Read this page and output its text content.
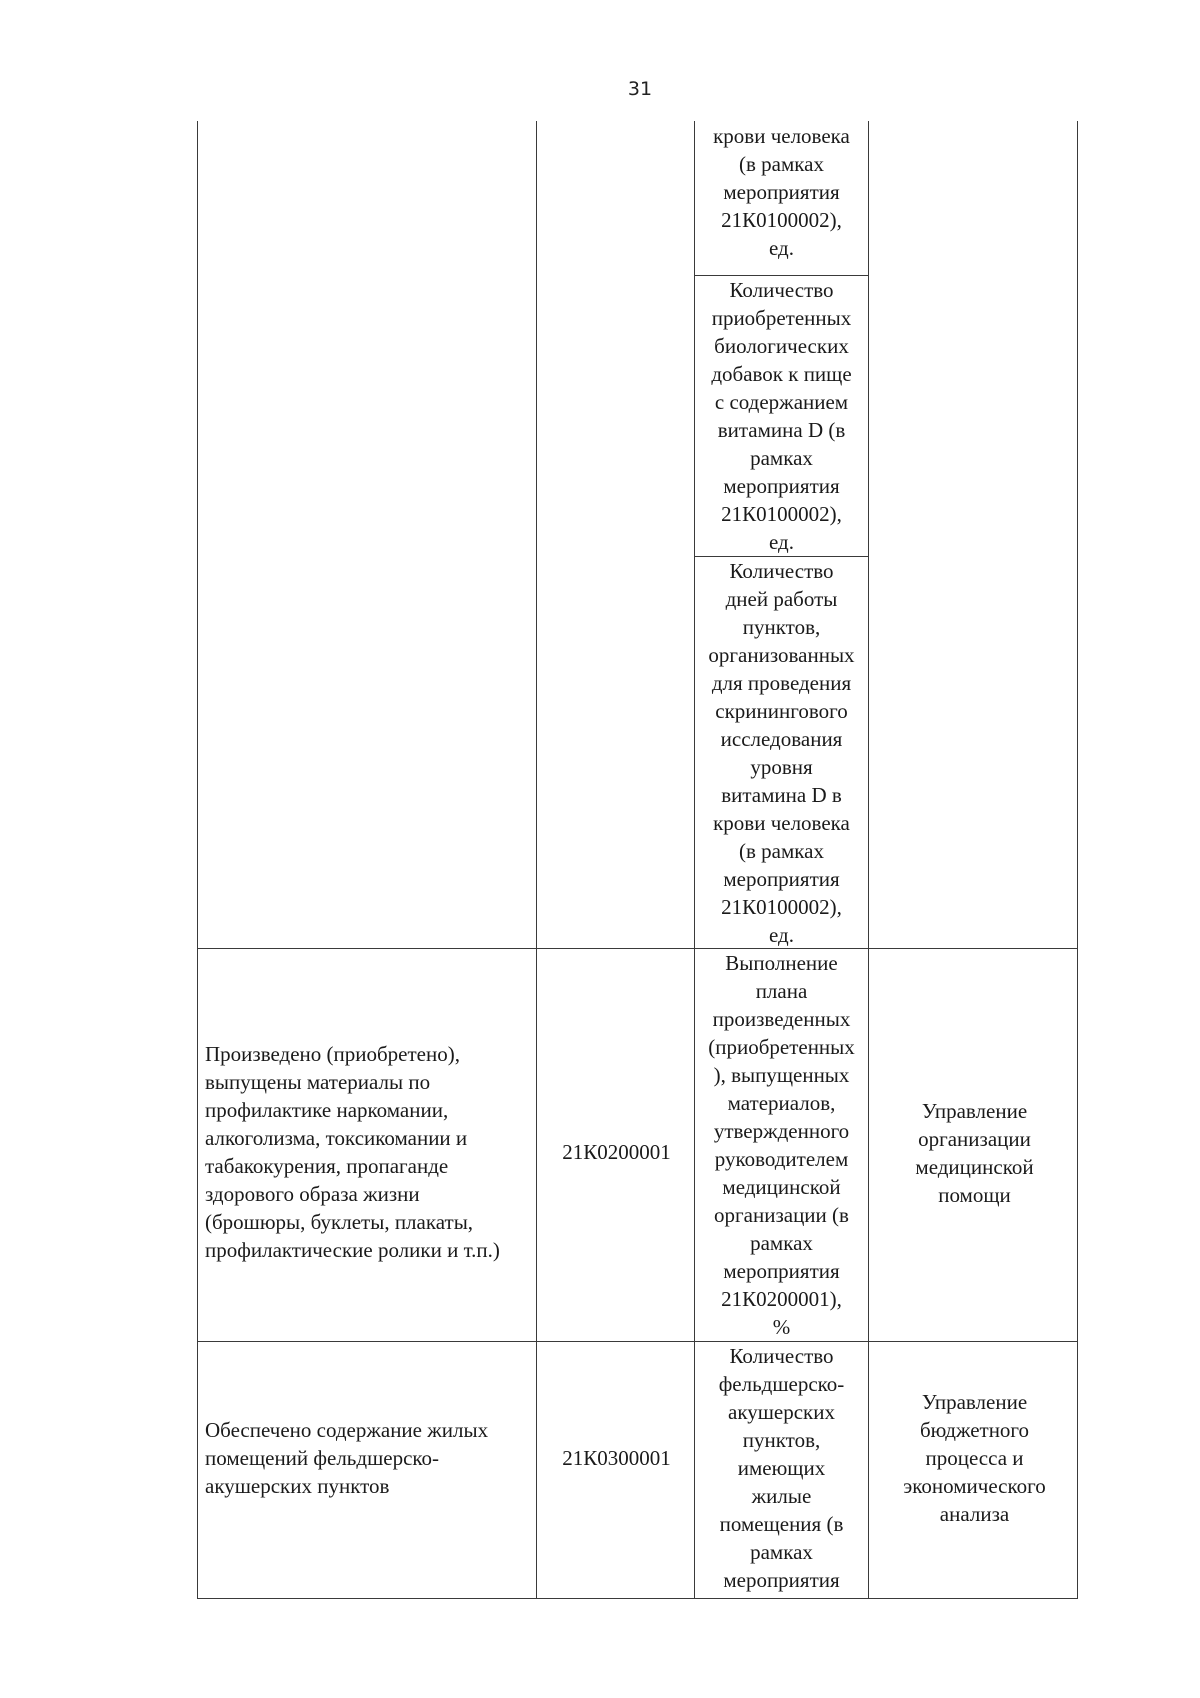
31
крови человека
(в рамках
мероприятия
21К0100002),
ед.
Количество
приобретенных
биологических
добавок к пище
с содержанием
витамина D (в
рамках
мероприятия
21К0100002),
ед.
Количество
дней работы
пунктов,
организованных
для проведения
скринингового
исследования
уровня
витамина D в
крови человека
(в рамках
мероприятия
21К0100002),
ед.
Произведено (приобретено),
выпущены материалы по
профилактике наркомании,
алкоголизма, токсикомании и
табакокурения, пропаганде
здорового образа жизни
(брошюры, буклеты, плакаты,
профилактические ролики и т.п.)
21К0200001
Выполнение
плана
произведенных
(приобретенных
), выпущенных
материалов,
утвержденного
руководителем
медицинской
организации (в
рамках
мероприятия
21К0200001),
%
Управление
организации
медицинской
помощи
Обеспечено содержание жилых
помещений фельдшерско-
акушерских пунктов
21К0300001
Количество
фельдшерско-
акушерских
пунктов,
имеющих
жилые
помещения (в
рамках
мероприятия
Управление
бюджетного
процесса и
экономического
анализа
